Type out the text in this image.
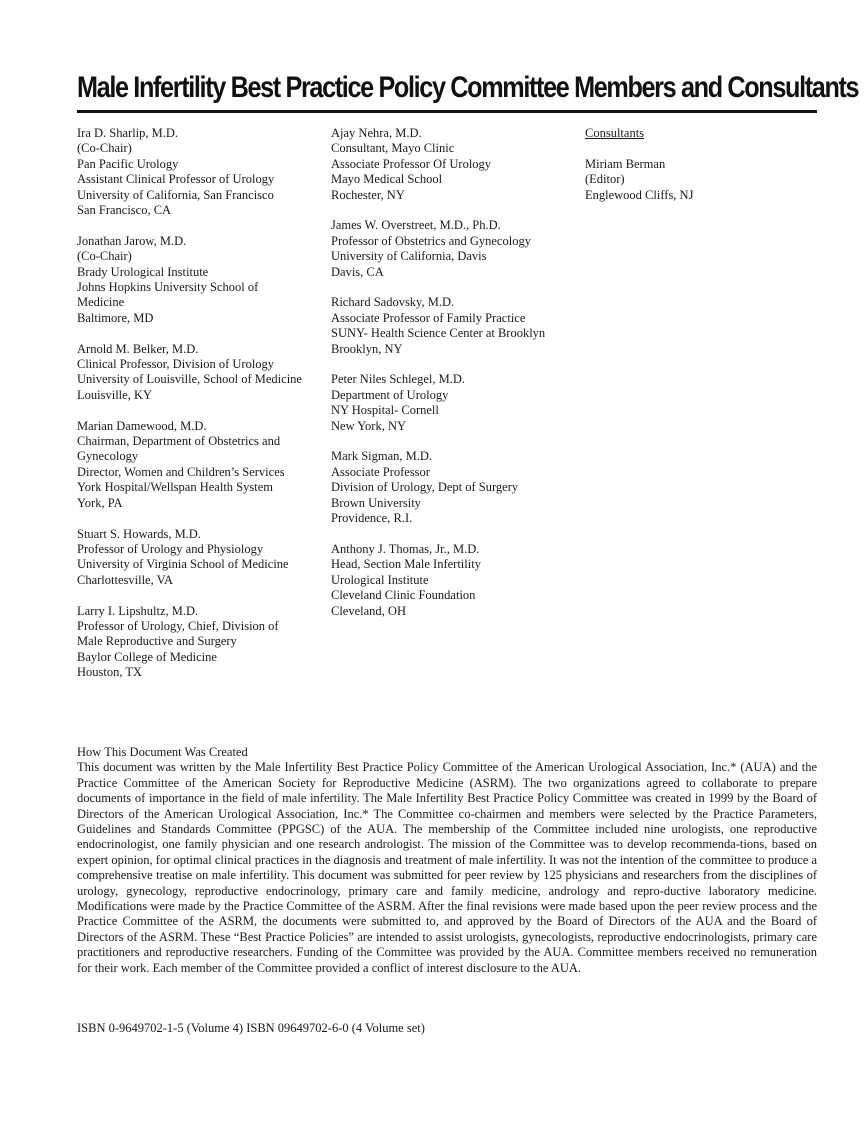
Male Infertility Best Practice Policy Committee Members and Consultants
Ira D. Sharlip, M.D.
(Co-Chair)
Pan Pacific Urology
Assistant Clinical Professor of Urology
University of California, San Francisco
San Francisco, CA
Jonathan Jarow, M.D.
(Co-Chair)
Brady Urological Institute
Johns Hopkins University School of
Medicine
Baltimore, MD
Arnold M. Belker, M.D.
Clinical Professor, Division of Urology
University of Louisville, School of Medicine
Louisville, KY
Marian Damewood, M.D.
Chairman, Department of Obstetrics and
Gynecology
Director, Women and Children’s Services
York Hospital/Wellspan Health System
York, PA
Stuart S. Howards, M.D.
Professor of Urology and Physiology
University of Virginia School of Medicine
Charlottesville, VA
Larry I. Lipshultz, M.D.
Professor of Urology, Chief, Division of
Male Reproductive and Surgery
Baylor College of Medicine
Houston, TX
Ajay Nehra, M.D.
Consultant, Mayo Clinic
Associate Professor Of Urology
Mayo Medical School
Rochester, NY
James W. Overstreet, M.D., Ph.D.
Professor of Obstetrics and Gynecology
University of California, Davis
Davis, CA
Richard Sadovsky, M.D.
Associate Professor of Family Practice
SUNY- Health Science Center at Brooklyn
Brooklyn, NY
Peter Niles Schlegel, M.D.
Department of Urology
NY Hospital- Cornell
New York, NY
Mark Sigman, M.D.
Associate Professor
Division of Urology, Dept of Surgery
Brown University
Providence, R.I.
Anthony J. Thomas, Jr., M.D.
Head, Section Male Infertility
Urological Institute
Cleveland Clinic Foundation
Cleveland, OH
Consultants
Miriam Berman
(Editor)
Englewood Cliffs, NJ
How This Document Was Created

This document was written by the Male Infertility Best Practice Policy Committee of the American Urological Association, Inc.* (AUA) and the Practice Committee of the American Society for Reproductive Medicine (ASRM). The two organizations agreed to collaborate to prepare documents of importance in the field of male infertility. The Male Infertility Best Practice Policy Committee was created in 1999 by the Board of Directors of the American Urological Association, Inc.* The Committee co-chairmen and members were selected by the Practice Parameters, Guidelines and Standards Committee (PPGSC) of the AUA. The membership of the Committee included nine urologists, one reproductive endocrinologist, one family physician and one research andrologist. The mission of the Committee was to develop recommenda-tions, based on expert opinion, for optimal clinical practices in the diagnosis and treatment of male infertility. It was not the intention of the committee to produce a comprehensive treatise on male infertility. This document was submitted for peer review by 125 physicians and researchers from the disciplines of urology, gynecology, reproductive endocrinology, primary care and family medicine, andrology and repro-ductive laboratory medicine. Modifications were made by the Practice Committee of the ASRM. After the final revisions were made based upon the peer review process and the Practice Committee of the ASRM, the documents were submitted to, and approved by the Board of Directors of the AUA and the Board of Directors of the ASRM. These “Best Practice Policies” are intended to assist urologists, gynecologists, reproductive endocrinologists, primary care practitioners and reproductive researchers. Funding of the Committee was provided by the AUA. Committee members received no remuneration for their work. Each member of the Committee provided a conflict of interest disclosure to the AUA.

ISBN 0-9649702-1-5 (Volume 4) ISBN 09649702-6-0 (4 Volume set)
